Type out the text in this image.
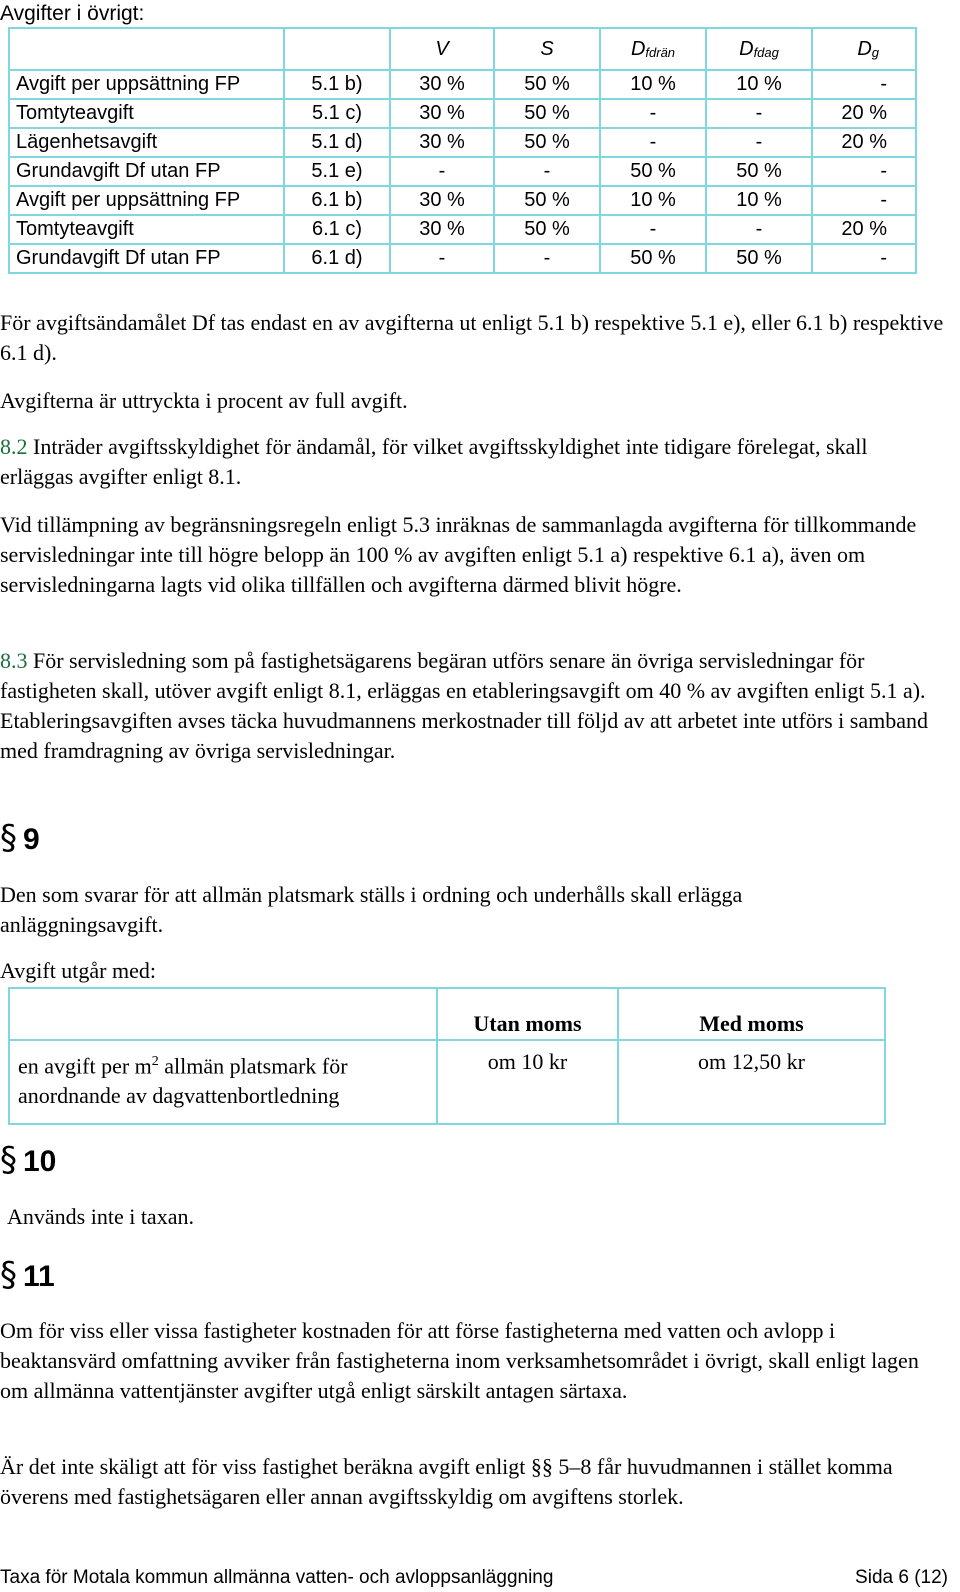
Avgifter i övrigt:
		V	S	$D_{fdrän}$	$D_{fdag}$	$D_g$
Avgift per uppsättning FP	5.1 b)	30 %	50 %	10 %	10 %	-
Tomtyteavgift	5.1 c)	30 %	50 %	-	-	20 %
Lägenhetsavgift	5.1 d)	30 %	50 %	-	-	20 %
Grundavgift Df utan FP	5.1 e)	-	-	50 %	50 %	-
Avgift per uppsättning FP	6.1 b)	30 %	50 %	10 %	10 %	-
Tomtyteavgift	6.1 c)	30 %	50 %	-	-	20 %
Grundavgift Df utan FP	6.1 d)	-	-	50 %	50 %	-

För avgiftsändamålet Df tas endast en av avgifterna ut enligt 5.1 b) respektive 5.1 e), eller 6.1 b) respektive 6.1 d).

Avgifterna är uttryckta i procent av full avgift.

8.2 Inträder avgiftsskyldighet för ändamål, för vilket avgiftsskyldighet inte tidigare förelegat, skall erläggas avgifter enligt 8.1.

Vid tillämpning av begränsningsregeln enligt 5.3 inräknas de sammanlagda avgifterna för tillkommande servisledningar inte till högre belopp än 100 % av avgiften enligt 5.1 a) respektive 6.1 a), även om servisledningarna lagts vid olika tillfällen och avgifterna därmed blivit högre.

8.3 För servisledning som på fastighetsägarens begäran utförs senare än övriga servisledningar för fastigheten skall, utöver avgift enligt 8.1, erläggas en etableringsavgift om 40 % av avgiften enligt 5.1 a). Etableringsavgiften avses täcka huvudmannens merkostnader till följd av att arbetet inte utförs i samband med framdragning av övriga servisledningar.

§ 9

Den som svarar för att allmän platsmark ställs i ordning och underhålls skall erlägga anläggningsavgift.

Avgift utgår med:

	Utan moms	Med moms
en avgift per $m^2$ allmän platsmark för anordnande av dagvattenbortledning	om 10 kr	om 12,50 kr
§ 10

Används inte i taxan.

§ 11

Om för viss eller vissa fastigheter kostnaden för att förse fastigheterna med vatten och avlopp i beaktansvärd omfattning avviker från fastigheterna inom verksamhetsområdet i övrigt, skall enligt lagen om allmänna vattentjänster avgifter utgå enligt särskilt antagen särtaxa.

Är det inte skäligt att för viss fastighet beräkna avgift enligt §§ 5–8 får huvudmannen i stället komma överens med fastighetsägaren eller annan avgiftsskyldig om avgiftens storlek.

Taxa för Motala kommun allmänna vatten- och avloppsanläggning	Sida 6 (12)
